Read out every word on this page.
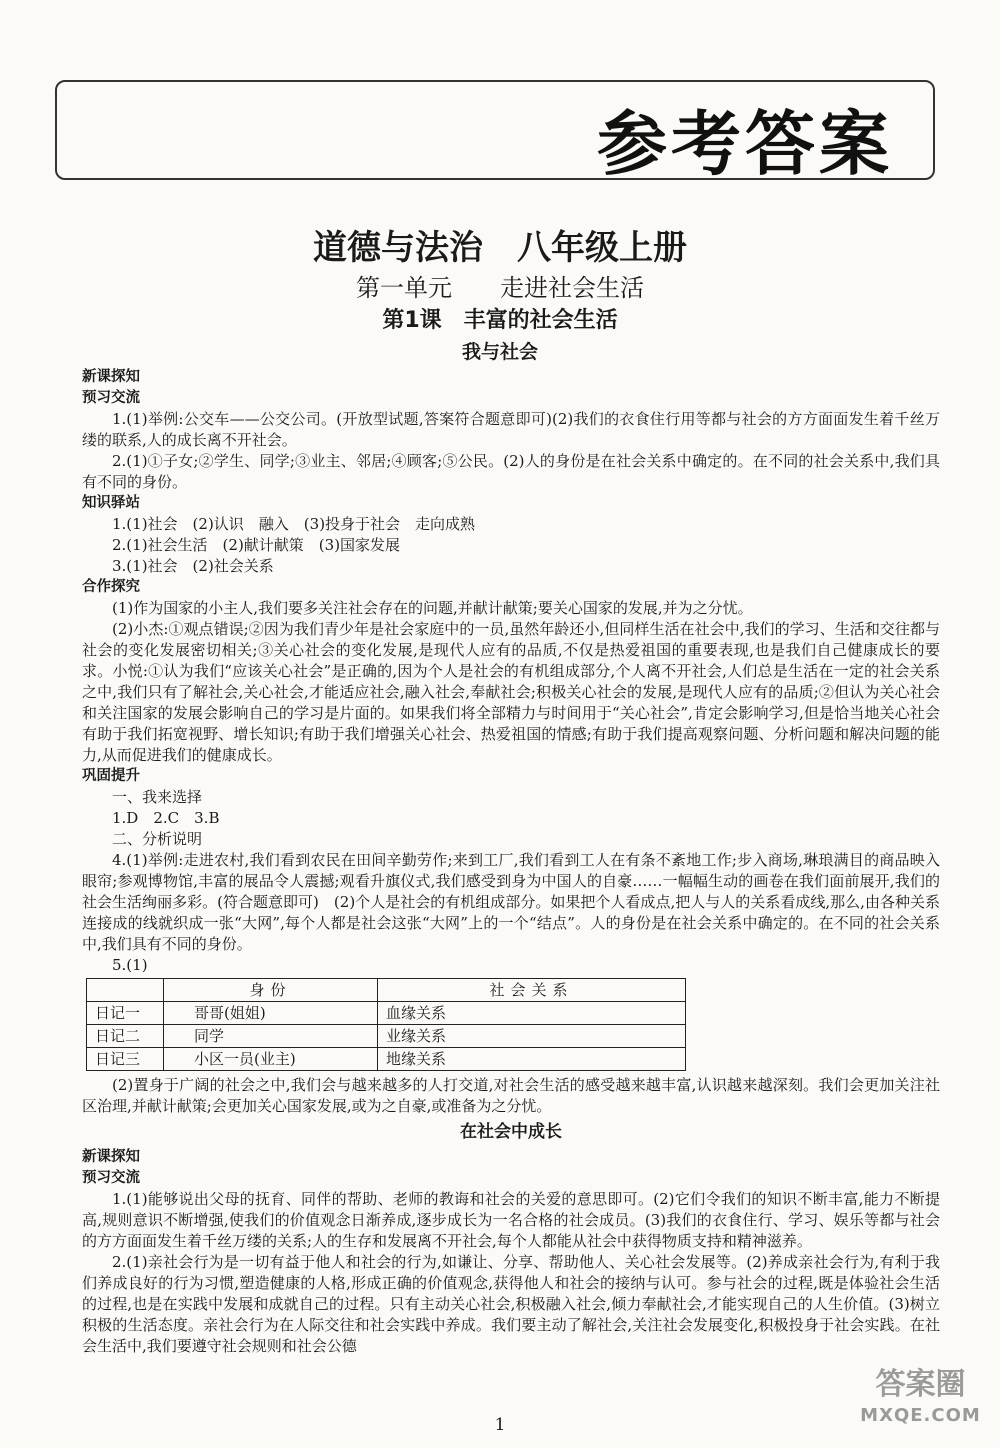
参考答案
道德与法治　八年级上册
第一单元　　走进社会生活
第1课　丰富的社会生活
我与社会
新课探知
预习交流

1.(1)举例:公交车——公交公司。(开放型试题,答案符合题意即可)(2)我们的衣食住行用等都与社会的方方面面发生着千丝万缕的联系,人的成长离不开社会。

2.(1)①子女;②学生、同学;③业主、邻居;④顾客;⑤公民。(2)人的身份是在社会关系中确定的。在不同的社会关系中,我们具有不同的身份。

知识驿站

1.(1)社会　(2)认识　融入　(3)投身于社会　走向成熟

2.(1)社会生活　(2)献计献策　(3)国家发展

3.(1)社会　(2)社会关系

合作探究

(1)作为国家的小主人,我们要多关注社会存在的问题,并献计献策;要关心国家的发展,并为之分忧。

(2)小杰:①观点错误;②因为我们青少年是社会家庭中的一员,虽然年龄还小,但同样生活在社会中,我们的学习、生活和交往都与社会的变化发展密切相关;③关心社会的变化发展,是现代人应有的品质,不仅是热爱祖国的重要表现,也是我们自己健康成长的要求。小悦:①认为我们“应该关心社会”是正确的,因为个人是社会的有机组成部分,个人离不开社会,人们总是生活在一定的社会关系之中,我们只有了解社会,关心社会,才能适应社会,融入社会,奉献社会;积极关心社会的发展,是现代人应有的品质;②但认为关心社会和关注国家的发展会影响自己的学习是片面的。如果我们将全部精力与时间用于“关心社会”,肯定会影响学习,但是恰当地关心社会有助于我们拓宽视野、增长知识;有助于我们增强关心社会、热爱祖国的情感;有助于我们提高观察问题、分析问题和解决问题的能力,从而促进我们的健康成长。

巩固提升

一、我来选择

1.D　2.C　3.B

二、分析说明

4.(1)举例:走进农村,我们看到农民在田间辛勤劳作;来到工厂,我们看到工人在有条不紊地工作;步入商场,琳琅满目的商品映入眼帘;参观博物馆,丰富的展品令人震撼;观看升旗仪式,我们感受到身为中国人的自豪……一幅幅生动的画卷在我们面前展开,我们的社会生活绚丽多彩。(符合题意即可)　(2)个人是社会的有机组成部分。如果把个人看成点,把人与人的关系看成线,那么,由各种关系连接成的线就织成一张“大网”,每个人都是社会这张“大网”上的一个“结点”。人的身份是在社会关系中确定的。在不同的社会关系中,我们具有不同的身份。

5.(1)

	身份	社会关系
日记一	哥哥(姐姐)	血缘关系
日记二	同学	业缘关系
日记三	小区一员(业主)	地缘关系

(2)置身于广阔的社会之中,我们会与越来越多的人打交道,对社会生活的感受越来越丰富,认识越来越深刻。我们会更加关注社区治理,并献计献策;会更加关心国家发展,或为之自豪,或准备为之分忧。

在社会中成长
新课探知
预习交流

1.(1)能够说出父母的抚育、同伴的帮助、老师的教诲和社会的关爱的意思即可。(2)它们令我们的知识不断丰富,能力不断提高,规则意识不断增强,使我们的价值观念日渐养成,逐步成长为一名合格的社会成员。(3)我们的衣食住行、学习、娱乐等都与社会的方方面面发生着千丝万缕的关系;人的生存和发展离不开社会,每个人都能从社会中获得物质支持和精神滋养。

2.(1)亲社会行为是一切有益于他人和社会的行为,如谦让、分享、帮助他人、关心社会发展等。(2)养成亲社会行为,有利于我们养成良好的行为习惯,塑造健康的人格,形成正确的价值观念,获得他人和社会的接纳与认可。参与社会的过程,既是体验社会生活的过程,也是在实践中发展和成就自己的过程。只有主动关心社会,积极融入社会,倾力奉献社会,才能实现自己的人生价值。(3)树立积极的生活态度。亲社会行为在人际交往和社会实践中养成。我们要主动了解社会,关注社会发展变化,积极投身于社会实践。在社会生活中,我们要遵守社会规则和社会公德

1
答案圈
MXQE.COM
